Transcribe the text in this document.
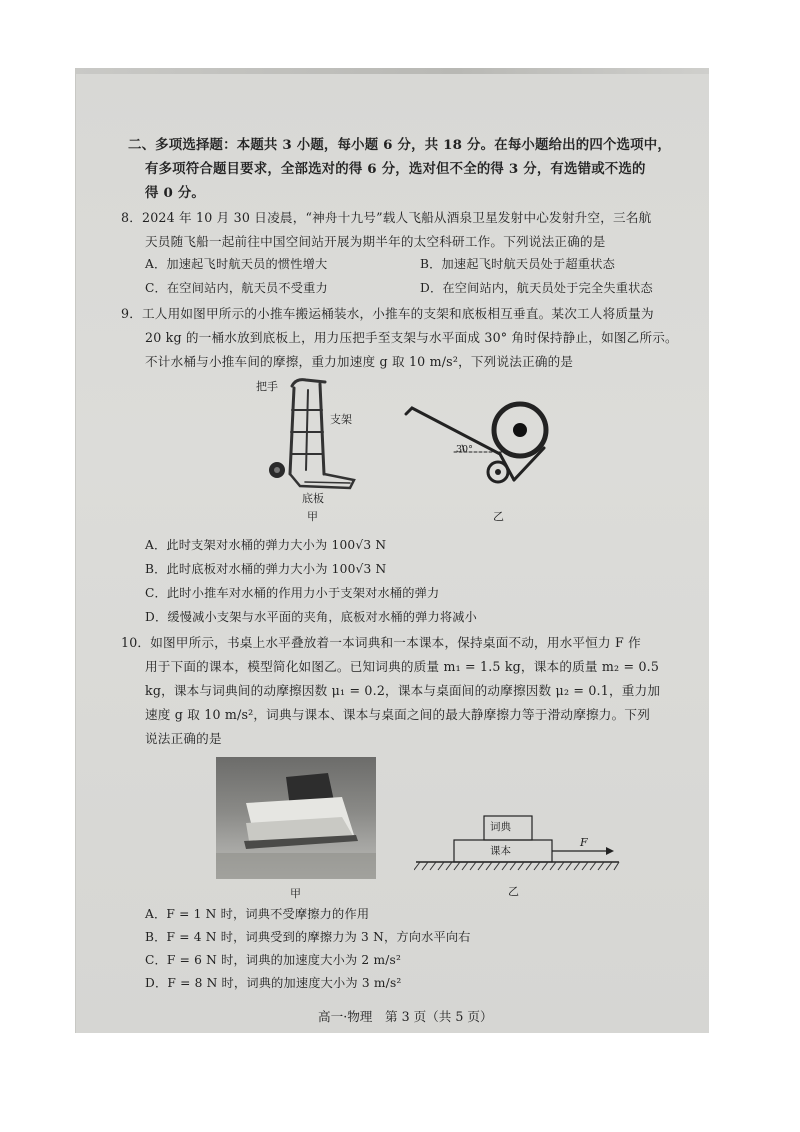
二、多项选择题：本题共 3 小题，每小题 6 分，共 18 分。在每小题给出的四个选项中，
有多项符合题目要求，全部选对的得 6 分，选对但不全的得 3 分，有选错或不选的
得 0 分。
8．2024 年 10 月 30 日凌晨，“神舟十九号”载人飞船从酒泉卫星发射中心发射升空，三名航
天员随飞船一起前往中国空间站开展为期半年的太空科研工作。下列说法正确的是
A．加速起飞时航天员的惯性增大	B．加速起飞时航天员处于超重状态
C．在空间站内，航天员不受重力	D．在空间站内，航天员处于完全失重状态
9．工人用如图甲所示的小推车搬运桶装水，小推车的支架和底板相互垂直。某次工人将质量为
20 kg 的一桶水放到底板上，用力压把手至支架与水平面成 30° 角时保持静止，如图乙所示。
不计水桶与小推车间的摩擦，重力加速度 g 取 10 m/s²，下列说法正确的是
把手
支架
底板
甲
30°
乙
A．此时支架对水桶的弹力大小为 100√3 N
B．此时底板对水桶的弹力大小为 100√3 N
C．此时小推车对水桶的作用力小于支架对水桶的弹力
D．缓慢减小支架与水平面的夹角，底板对水桶的弹力将减小
10．如图甲所示，书桌上水平叠放着一本词典和一本课本，保持桌面不动，用水平恒力 F 作
用于下面的课本，模型简化如图乙。已知词典的质量 m₁ = 1.5 kg，课本的质量 m₂ = 0.5
kg，课本与词典间的动摩擦因数 μ₁ = 0.2，课本与桌面间的动摩擦因数 μ₂ = 0.1，重力加
速度 g 取 10 m/s²，词典与课本、课本与桌面之间的最大静摩擦力等于滑动摩擦力。下列
说法正确的是
甲
词典
课本
F
乙
A．F = 1 N 时，词典不受摩擦力的作用
B．F = 4 N 时，词典受到的摩擦力为 3 N，方向水平向右
C．F = 6 N 时，词典的加速度大小为 2 m/s²
D．F = 8 N 时，词典的加速度大小为 3 m/s²
高一·物理　第 3 页（共 5 页）
